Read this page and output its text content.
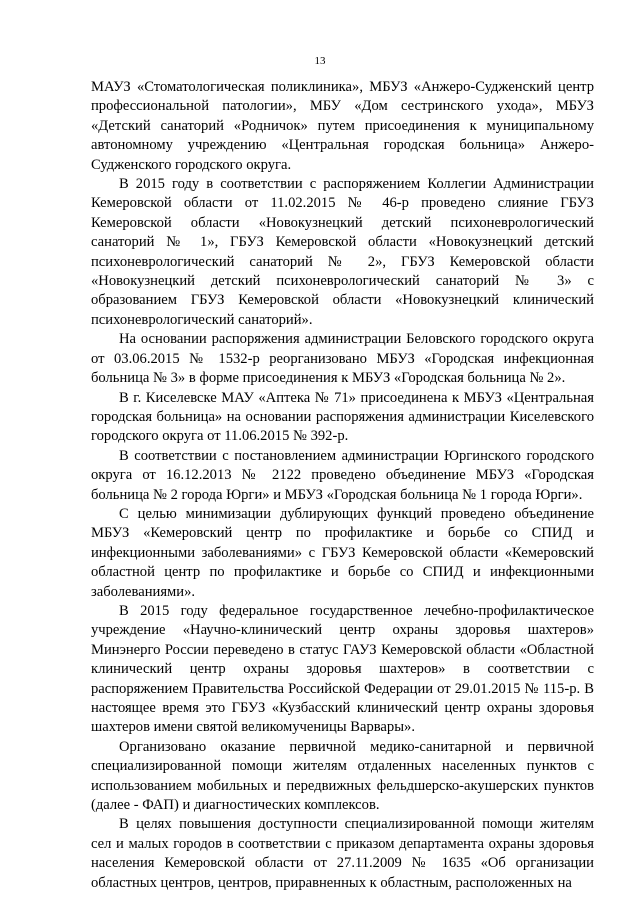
13

МАУЗ «Стоматологическая поликлиника», МБУЗ «Анжеро-Судженский центр профессиональной патологии», МБУ «Дом сестринского ухода», МБУЗ «Детский санаторий «Родничок» путем присоединения к муниципальному автономному учреждению «Центральная городская больница» Анжеро-Судженского городского округа.

В 2015 году в соответствии с распоряжением Коллегии Администрации Кемеровской области от 11.02.2015 № 46-р проведено слияние ГБУЗ Кемеровской области «Новокузнецкий детский психоневрологический санаторий № 1», ГБУЗ Кемеровской области «Новокузнецкий детский психоневрологический санаторий № 2», ГБУЗ Кемеровской области «Новокузнецкий детский психоневрологический санаторий № 3» с образованием ГБУЗ Кемеровской области «Новокузнецкий клинический психоневрологический санаторий».

На основании распоряжения администрации Беловского городского округа от 03.06.2015 № 1532-р реорганизовано МБУЗ «Городская инфекционная больница № 3» в форме присоединения к МБУЗ «Городская больница № 2».

В г. Киселевске МАУ «Аптека № 71» присоединена к МБУЗ «Центральная городская больница» на основании распоряжения администрации Киселевского городского округа от 11.06.2015 № 392-р.

В соответствии с постановлением администрации Юргинского городского округа от 16.12.2013 № 2122 проведено объединение МБУЗ «Городская больница № 2 города Юрги» и МБУЗ «Городская больница № 1 города Юрги».

С целью минимизации дублирующих функций проведено объединение МБУЗ «Кемеровский центр по профилактике и борьбе со СПИД и инфекционными заболеваниями» с ГБУЗ Кемеровской области «Кемеровский областной центр по профилактике и борьбе со СПИД и инфекционными заболеваниями».

В 2015 году федеральное государственное лечебно-профилактическое учреждение «Научно-клинический центр охраны здоровья шахтеров» Минэнерго России переведено в статус ГАУЗ Кемеровской области «Областной клинический центр охраны здоровья шахтеров» в соответствии с распоряжением Правительства Российской Федерации от 29.01.2015 № 115-р. В настоящее время это ГБУЗ «Кузбасский клинический центр охраны здоровья шахтеров имени святой великомученицы Варвары».

Организовано оказание первичной медико-санитарной и первичной специализированной помощи жителям отдаленных населенных пунктов с использованием мобильных и передвижных фельдшерско-акушерских пунктов (далее - ФАП) и диагностических комплексов.

В целях повышения доступности специализированной помощи жителям сел и малых городов в соответствии с приказом департамента охраны здоровья населения Кемеровской области от 27.11.2009 № 1635 «Об организации областных центров, центров, приравненных к областным, расположенных на
